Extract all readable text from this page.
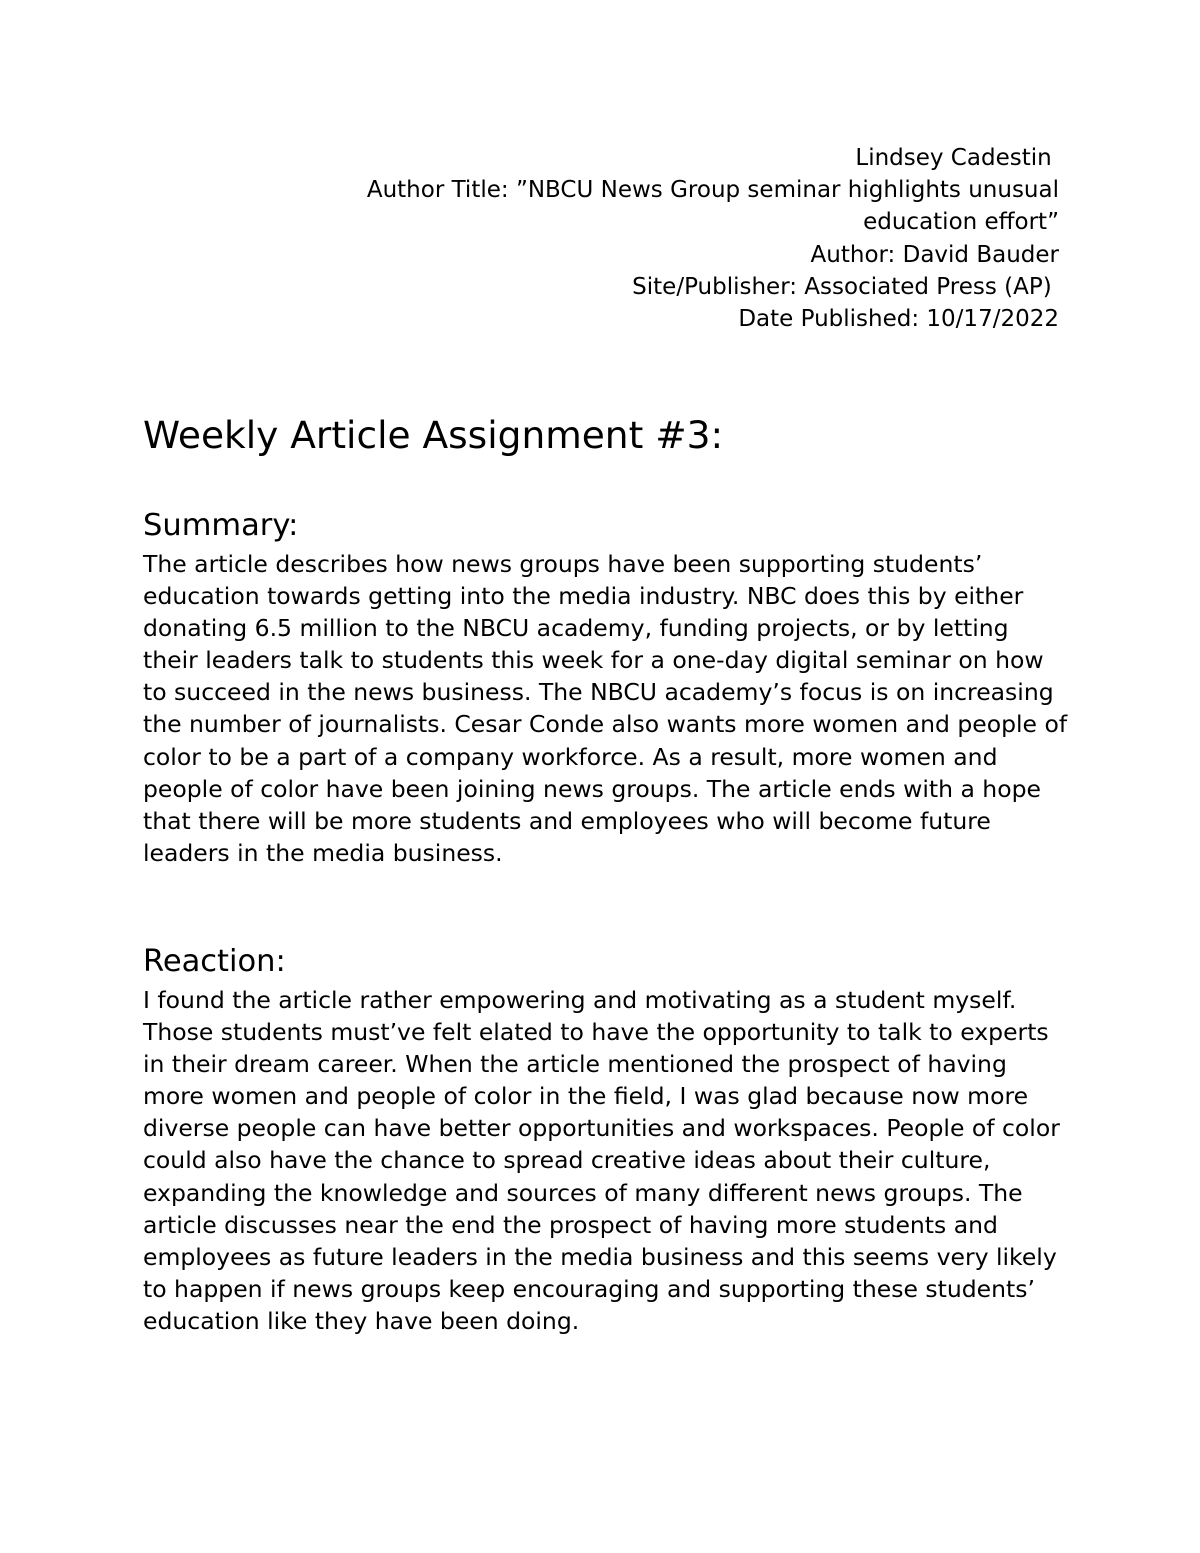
Lindsey Cadestin
Author Title: ”NBCU News Group seminar highlights unusual
education effort”
Author: David Bauder
Site/Publisher: Associated Press (AP)
Date Published: 10/17/2022
Weekly Article Assignment #3:
Summary:

The article describes how news groups have been supporting students’ education towards getting into the media industry. NBC does this by either donating 6.5 million to the NBCU academy, funding projects, or by letting their leaders talk to students this week for a one-day digital seminar on how to succeed in the news business. The NBCU academy’s focus is on increasing the number of journalists. Cesar Conde also wants more women and people of color to be a part of a company workforce. As a result, more women and people of color have been joining news groups. The article ends with a hope that there will be more students and employees who will become future leaders in the media business.

Reaction:

I found the article rather empowering and motivating as a student myself. Those students must’ve felt elated to have the opportunity to talk to experts in their dream career. When the article mentioned the prospect of having more women and people of color in the field, I was glad because now more diverse people can have better opportunities and workspaces. People of color could also have the chance to spread creative ideas about their culture, expanding the knowledge and sources of many different news groups. The article discusses near the end the prospect of having more students and employees as future leaders in the media business and this seems very likely to happen if news groups keep encouraging and supporting these students’ education like they have been doing.
